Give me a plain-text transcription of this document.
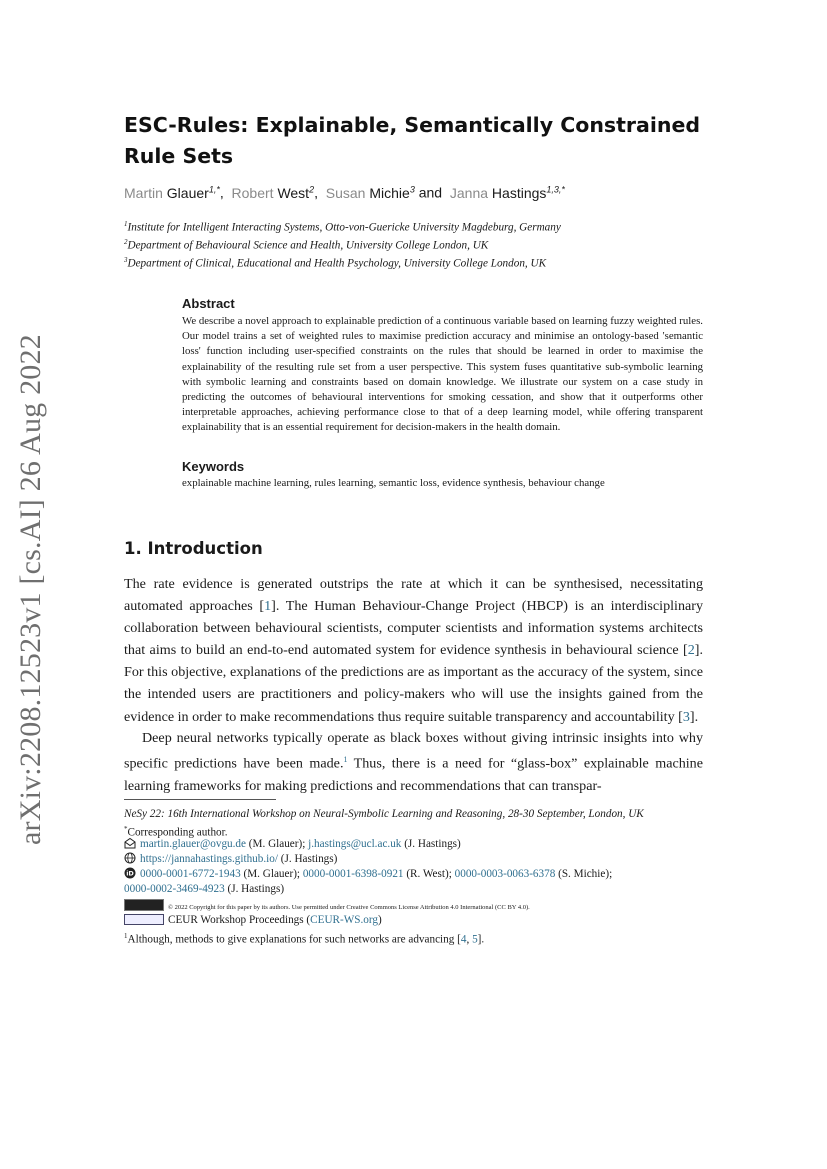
arXiv:2208.12523v1 [cs.AI] 26 Aug 2022
ESC-Rules: Explainable, Semantically Constrained Rule Sets
Martin Glauer$^{1,*}$,  Robert West$^2$,  Susan Michie$^3$ and Janna Hastings$^{1,3,*}$
$^1$Institute for Intelligent Interacting Systems, Otto-von-Guericke University Magdeburg, Germany
$^2$Department of Behavioural Science and Health, University College London, UK
$^3$Department of Clinical, Educational and Health Psychology, University College London, UK
Abstract
We describe a novel approach to explainable prediction of a continuous variable based on learning fuzzy weighted rules. Our model trains a set of weighted rules to maximise prediction accuracy and minimise an ontology-based 'semantic loss' function including user-specified constraints on the rules that should be learned in order to maximise the explainability of the resulting rule set from a user perspective. This system fuses quantitative sub-symbolic learning with symbolic learning and constraints based on domain knowledge. We illustrate our system on a case study in predicting the outcomes of behavioural interventions for smoking cessation, and show that it outperforms other interpretable approaches, achieving performance close to that of a deep learning model, while offering transparent explainability that is an essential requirement for decision-makers in the health domain.
Keywords
explainable machine learning, rules learning, semantic loss, evidence synthesis, behaviour change
1. Introduction

The rate evidence is generated outstrips the rate at which it can be synthesised, necessitating automated approaches [1]. The Human Behaviour-Change Project (HBCP) is an interdisciplinary collaboration between behavioural scientists, computer scientists and information systems architects that aims to build an end-to-end automated system for evidence synthesis in behavioural science [2]. For this objective, explanations of the predictions are as important as the accuracy of the system, since the intended users are practitioners and policy-makers who will use the insights gained from the evidence in order to make recommendations thus require suitable transparency and accountability [3].

Deep neural networks typically operate as black boxes without giving intrinsic insights into why specific predictions have been made.$^1$ Thus, there is a need for “glass-box” explainable machine learning frameworks for making predictions and recommendations that can transpar-

NeSy 22: 16th International Workshop on Neural-Symbolic Learning and Reasoning, 28-30 September, London, UK
*Corresponding author.
martin.glauer@ovgu.de (M. Glauer); j.hastings@ucl.ac.uk (J. Hastings)
https://jannahastings.github.io/ (J. Hastings)
iD 0000-0001-6772-1943 (M. Glauer); 0000-0001-6398-0921 (R. West); 0000-0003-0063-6378 (S. Michie);
0000-0002-3469-4923 (J. Hastings)
© 2022 Copyright for this paper by its authors. Use permitted under Creative Commons License Attribution 4.0 International (CC BY 4.0).
CEUR Workshop Proceedings (CEUR-WS.org)
$^1$Although, methods to give explanations for such networks are advancing [4, 5].
